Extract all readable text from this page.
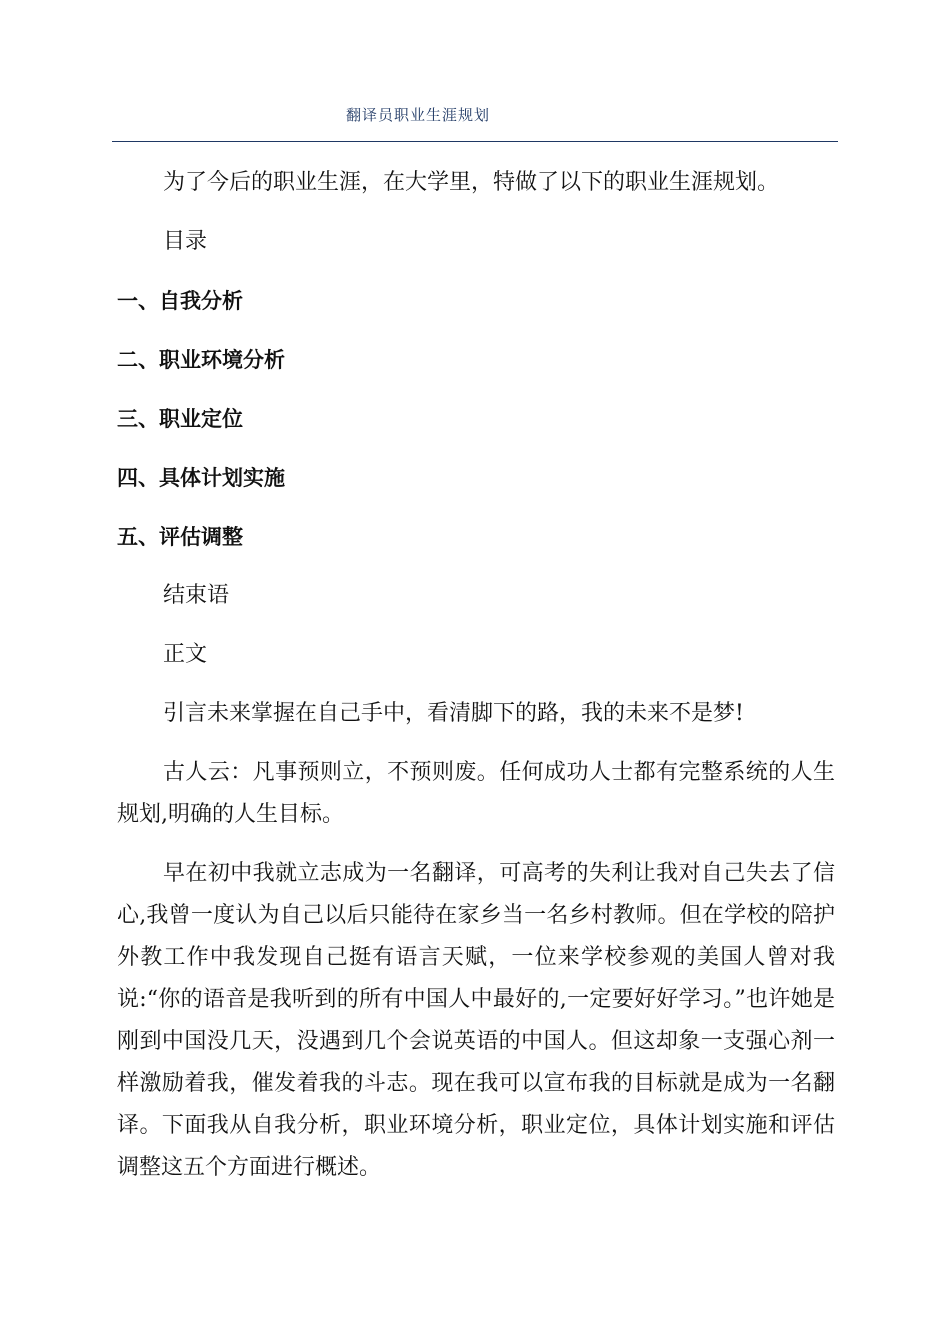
翻译员职业生涯规划

为了今后的职业生涯，在大学里，特做了以下的职业生涯规划。

目录

一、自我分析

二、职业环境分析

三、职业定位

四、具体计划实施

五、评估调整

结束语

正文

引言未来掌握在自己手中，看清脚下的路，我的未来不是梦!

古人云：凡事预则立，不预则废。任何成功人士都有完整系统的人生规划,明确的人生目标。

早在初中我就立志成为一名翻译，可高考的失利让我对自己失去了信心,我曾一度认为自己以后只能待在家乡当一名乡村教师。但在学校的陪护外教工作中我发现自己挺有语言天赋，一位来学校参观的美国人曾对我说:“你的语音是我听到的所有中国人中最好的,一定要好好学习。”也许她是刚到中国没几天，没遇到几个会说英语的中国人。但这却象一支强心剂一样激励着我，催发着我的斗志。现在我可以宣布我的目标就是成为一名翻译。下面我从自我分析，职业环境分析，职业定位，具体计划实施和评估调整这五个方面进行概述。
